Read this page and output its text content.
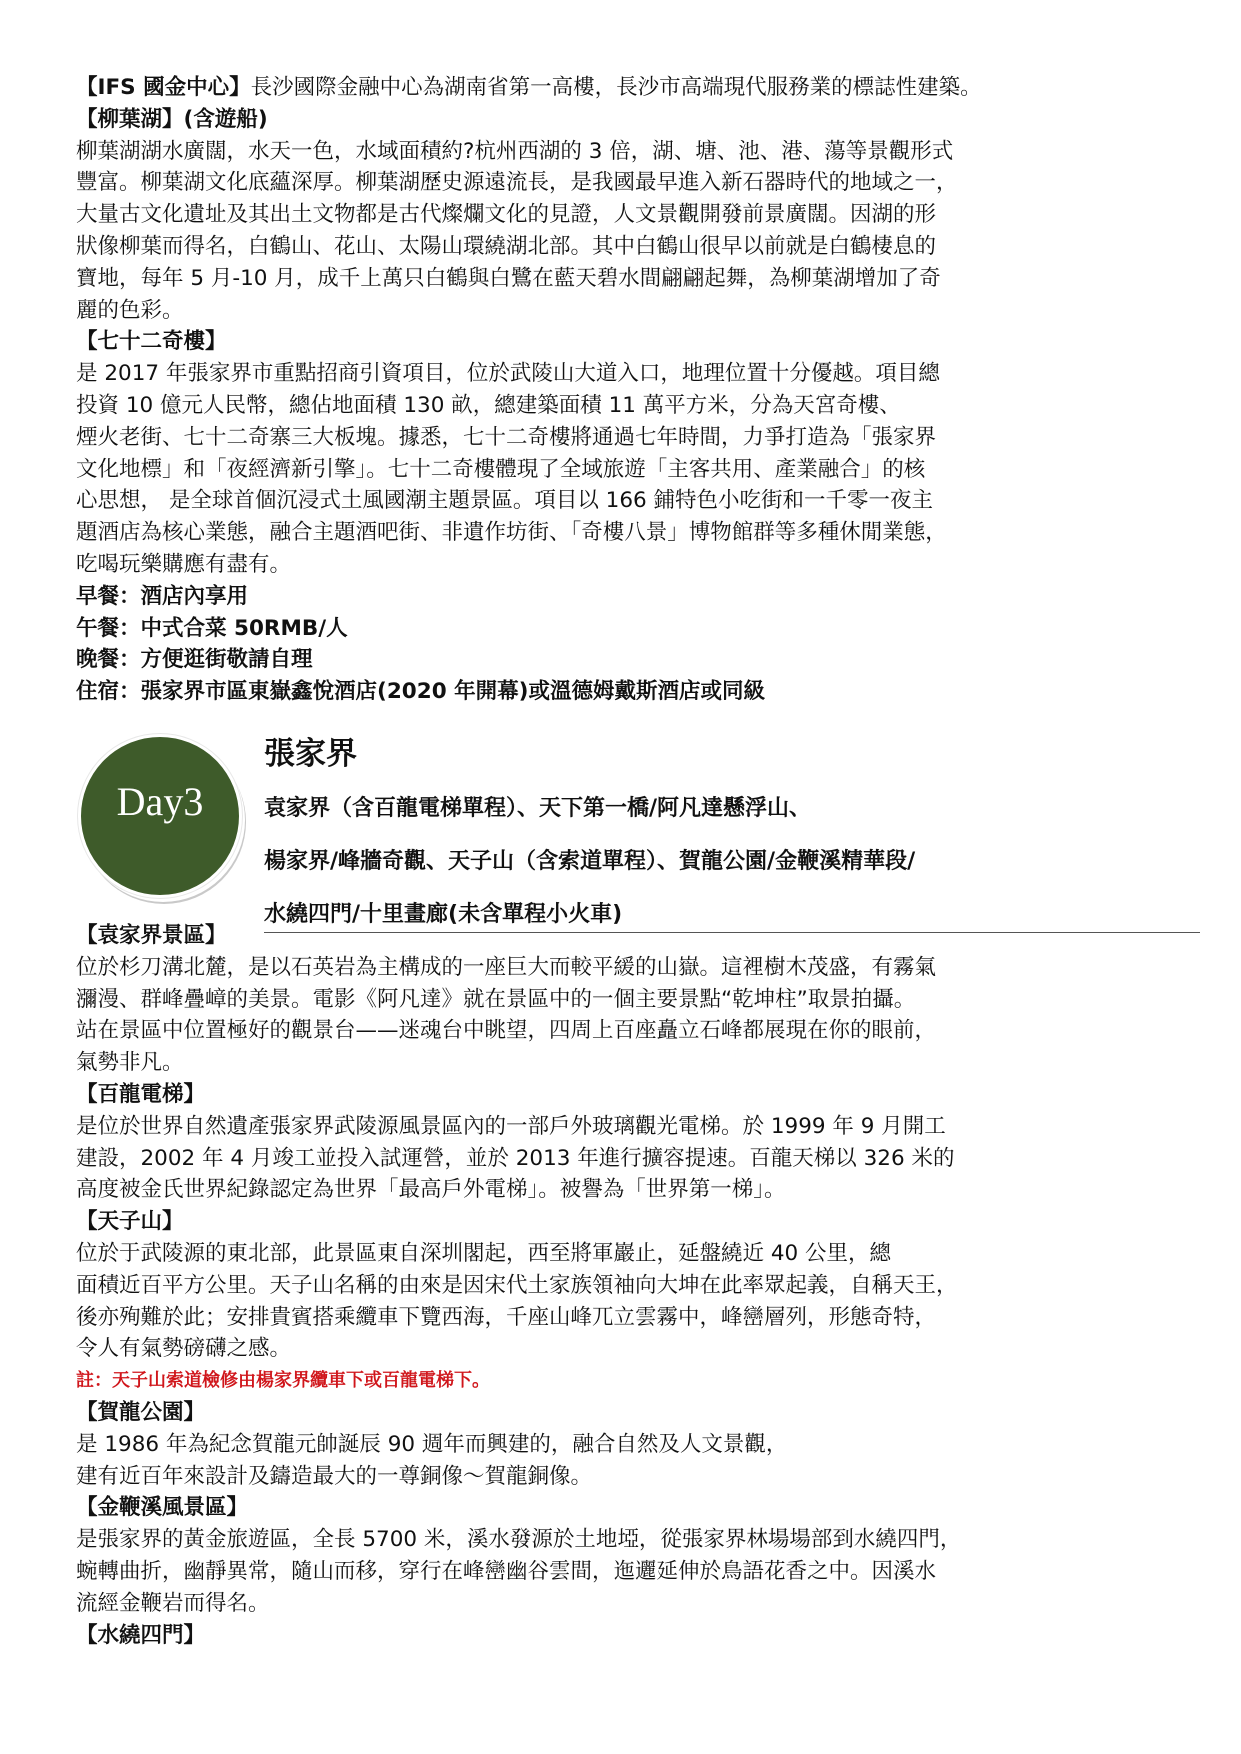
【IFS 國金中心】長沙國際金融中心為湖南省第一高樓，長沙市高端現代服務業的標誌性建築。

【柳葉湖】(含遊船)

柳葉湖湖水廣闊，水天一色，水域面積約?杭州西湖的 3 倍，湖、塘、池、港、蕩等景觀形式

豐富。柳葉湖文化底蘊深厚。柳葉湖歷史源遠流長，是我國最早進入新石器時代的地域之一，

大量古文化遺址及其出土文物都是古代燦爛文化的見證，人文景觀開發前景廣闊。因湖的形

狀像柳葉而得名，白鶴山、花山、太陽山環繞湖北部。其中白鶴山很早以前就是白鶴棲息的

寶地，每年 5 月-10 月，成千上萬只白鶴與白鷺在藍天碧水間翩翩起舞，為柳葉湖增加了奇

麗的色彩。

【七十二奇樓】

是 2017 年張家界市重點招商引資項目，位於武陵山大道入口，地理位置十分優越。項目總

投資 10 億元人民幣，總佔地面積 130 畝，總建築面積 11 萬平方米，分為天宮奇樓、

煙火老街、七十二奇寨三大板塊。據悉，七十二奇樓將通過七年時間，力爭打造為「張家界

文化地標」和「夜經濟新引擎」。七十二奇樓體現了全域旅遊「主客共用、產業融合」的核

心思想， 是全球首個沉浸式土風國潮主題景區。項目以 166 鋪特色小吃街和一千零一夜主

題酒店為核心業態，融合主題酒吧街、非遺作坊街、「奇樓八景」博物館群等多種休閒業態，

吃喝玩樂購應有盡有。

早餐：酒店內享用

午餐：中式合菜 50RMB/人

晚餐：方便逛街敬請自理

住宿：張家界市區東嶽鑫悅酒店(2020 年開幕)或溫德姆戴斯酒店或同級

Day3
張家界
袁家界（含百龍電梯單程）、天下第一橋/阿凡達懸浮山、
楊家界/峰牆奇觀、天子山（含索道單程）、賀龍公園/金鞭溪精華段/
水繞四門/十里畫廊(未含單程小火車)

【袁家界景區】

位於杉刀溝北麓，是以石英岩為主構成的一座巨大而較平緩的山嶽。這裡樹木茂盛，有霧氣

瀰漫、群峰疊嶂的美景。電影《阿凡達》就在景區中的一個主要景點“乾坤柱”取景拍攝。

站在景區中位置極好的觀景台——迷魂台中眺望，四周上百座矗立石峰都展現在你的眼前，

氣勢非凡。

【百龍電梯】

是位於世界自然遺產張家界武陵源風景區內的一部戶外玻璃觀光電梯。於 1999 年 9 月開工

建設，2002 年 4 月竣工並投入試運營，並於 2013 年進行擴容提速。百龍天梯以 326 米的

高度被金氏世界紀錄認定為世界「最高戶外電梯」。被譽為「世界第一梯」。

【天子山】

位於于武陵源的東北部，此景區東自深圳閣起，西至將軍巖止，延盤繞近 40 公里，總

面積近百平方公里。天子山名稱的由來是因宋代土家族領袖向大坤在此率眾起義，自稱天王，

後亦殉難於此；安排貴賓搭乘纜車下覽西海，千座山峰兀立雲霧中，峰巒層列，形態奇特，

令人有氣勢磅礴之感。

註：天子山索道檢修由楊家界纜車下或百龍電梯下。

【賀龍公園】

是 1986 年為紀念賀龍元帥誕辰 90 週年而興建的，融合自然及人文景觀，

建有近百年來設計及鑄造最大的一尊銅像～賀龍銅像。

【金鞭溪風景區】

是張家界的黃金旅遊區，全長 5700 米，溪水發源於土地埡，從張家界林場場部到水繞四門，

蜿轉曲折，幽靜異常，隨山而移，穿行在峰巒幽谷雲間，迤邐延伸於鳥語花香之中。因溪水

流經金鞭岩而得名。

【水繞四門】
